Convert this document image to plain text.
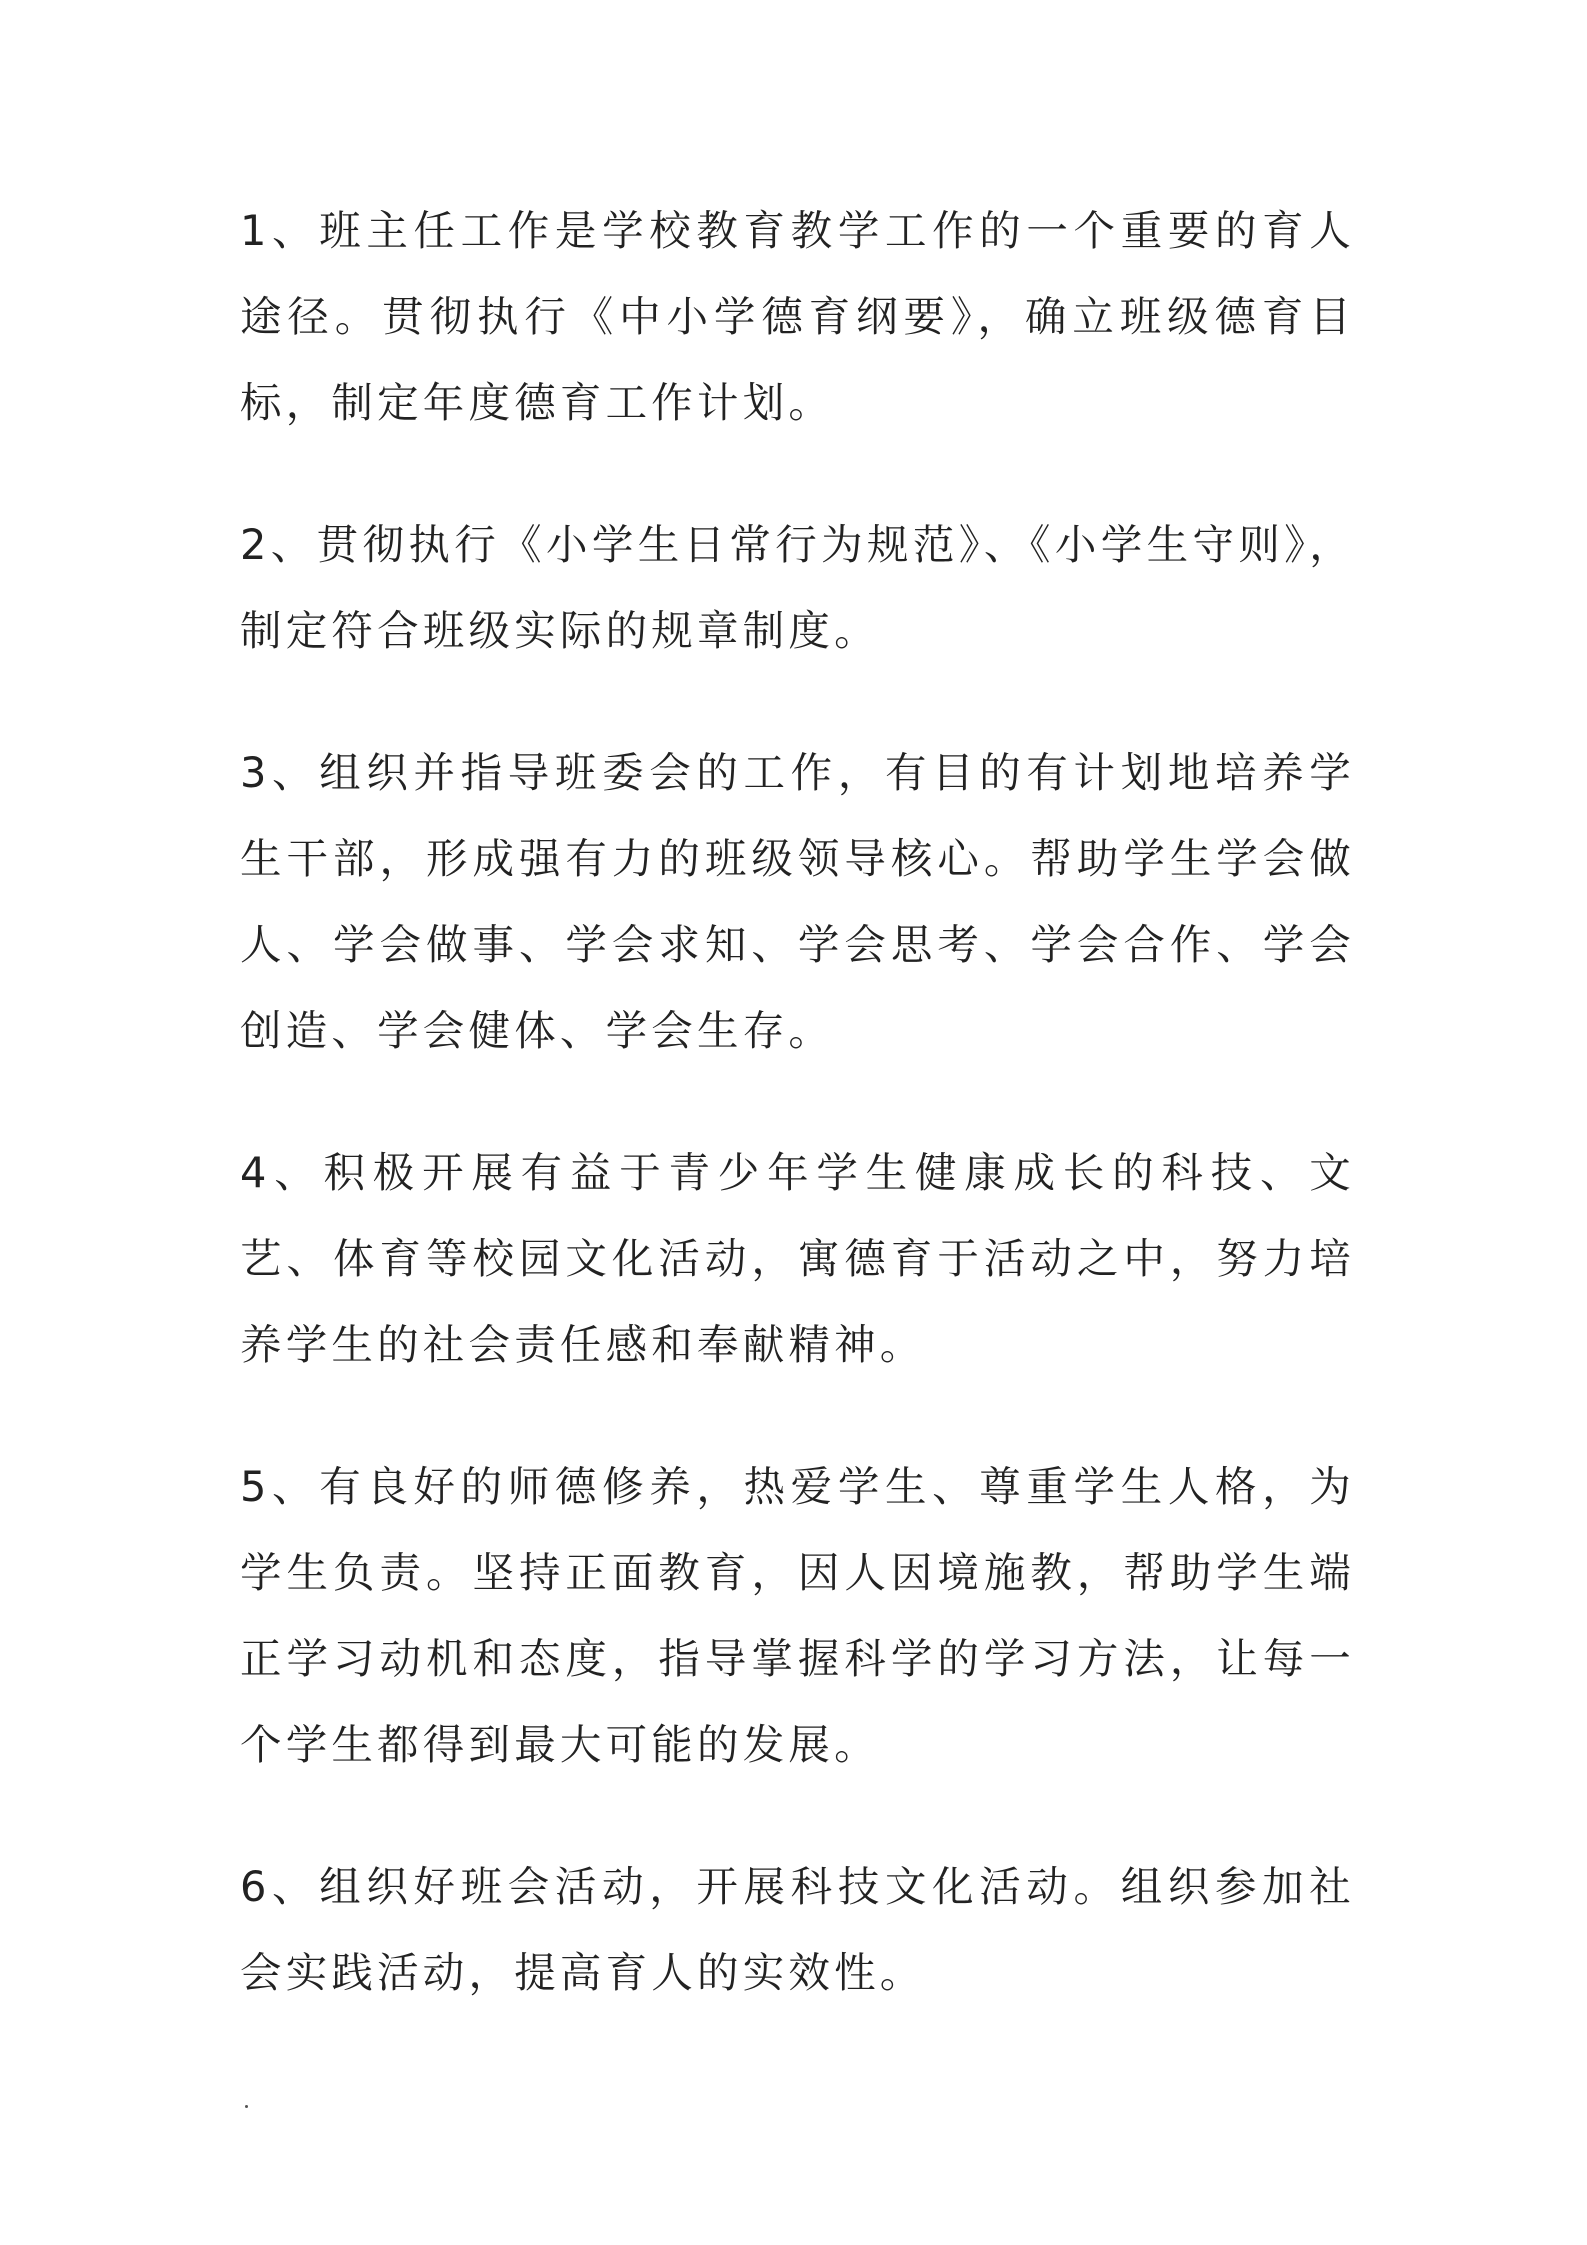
1、班主任工作是学校教育教学工作的一个重要的育人途径。贯彻执行《中小学德育纲要》，确立班级德育目标，制定年度德育工作计划。

2、贯彻执行《小学生日常行为规范》、《小学生守则》，制定符合班级实际的规章制度。

3、组织并指导班委会的工作，有目的有计划地培养学生干部，形成强有力的班级领导核心。帮助学生学会做人、学会做事、学会求知、学会思考、学会合作、学会创造、学会健体、学会生存。

4、积极开展有益于青少年学生健康成长的科技、文艺、体育等校园文化活动，寓德育于活动之中，努力培养学生的社会责任感和奉献精神。

5、有良好的师德修养，热爱学生、尊重学生人格，为学生负责。坚持正面教育，因人因境施教，帮助学生端正学习动机和态度，指导掌握科学的学习方法，让每一个学生都得到最大可能的发展。

6、组织好班会活动，开展科技文化活动。组织参加社会实践活动，提高育人的实效性。
